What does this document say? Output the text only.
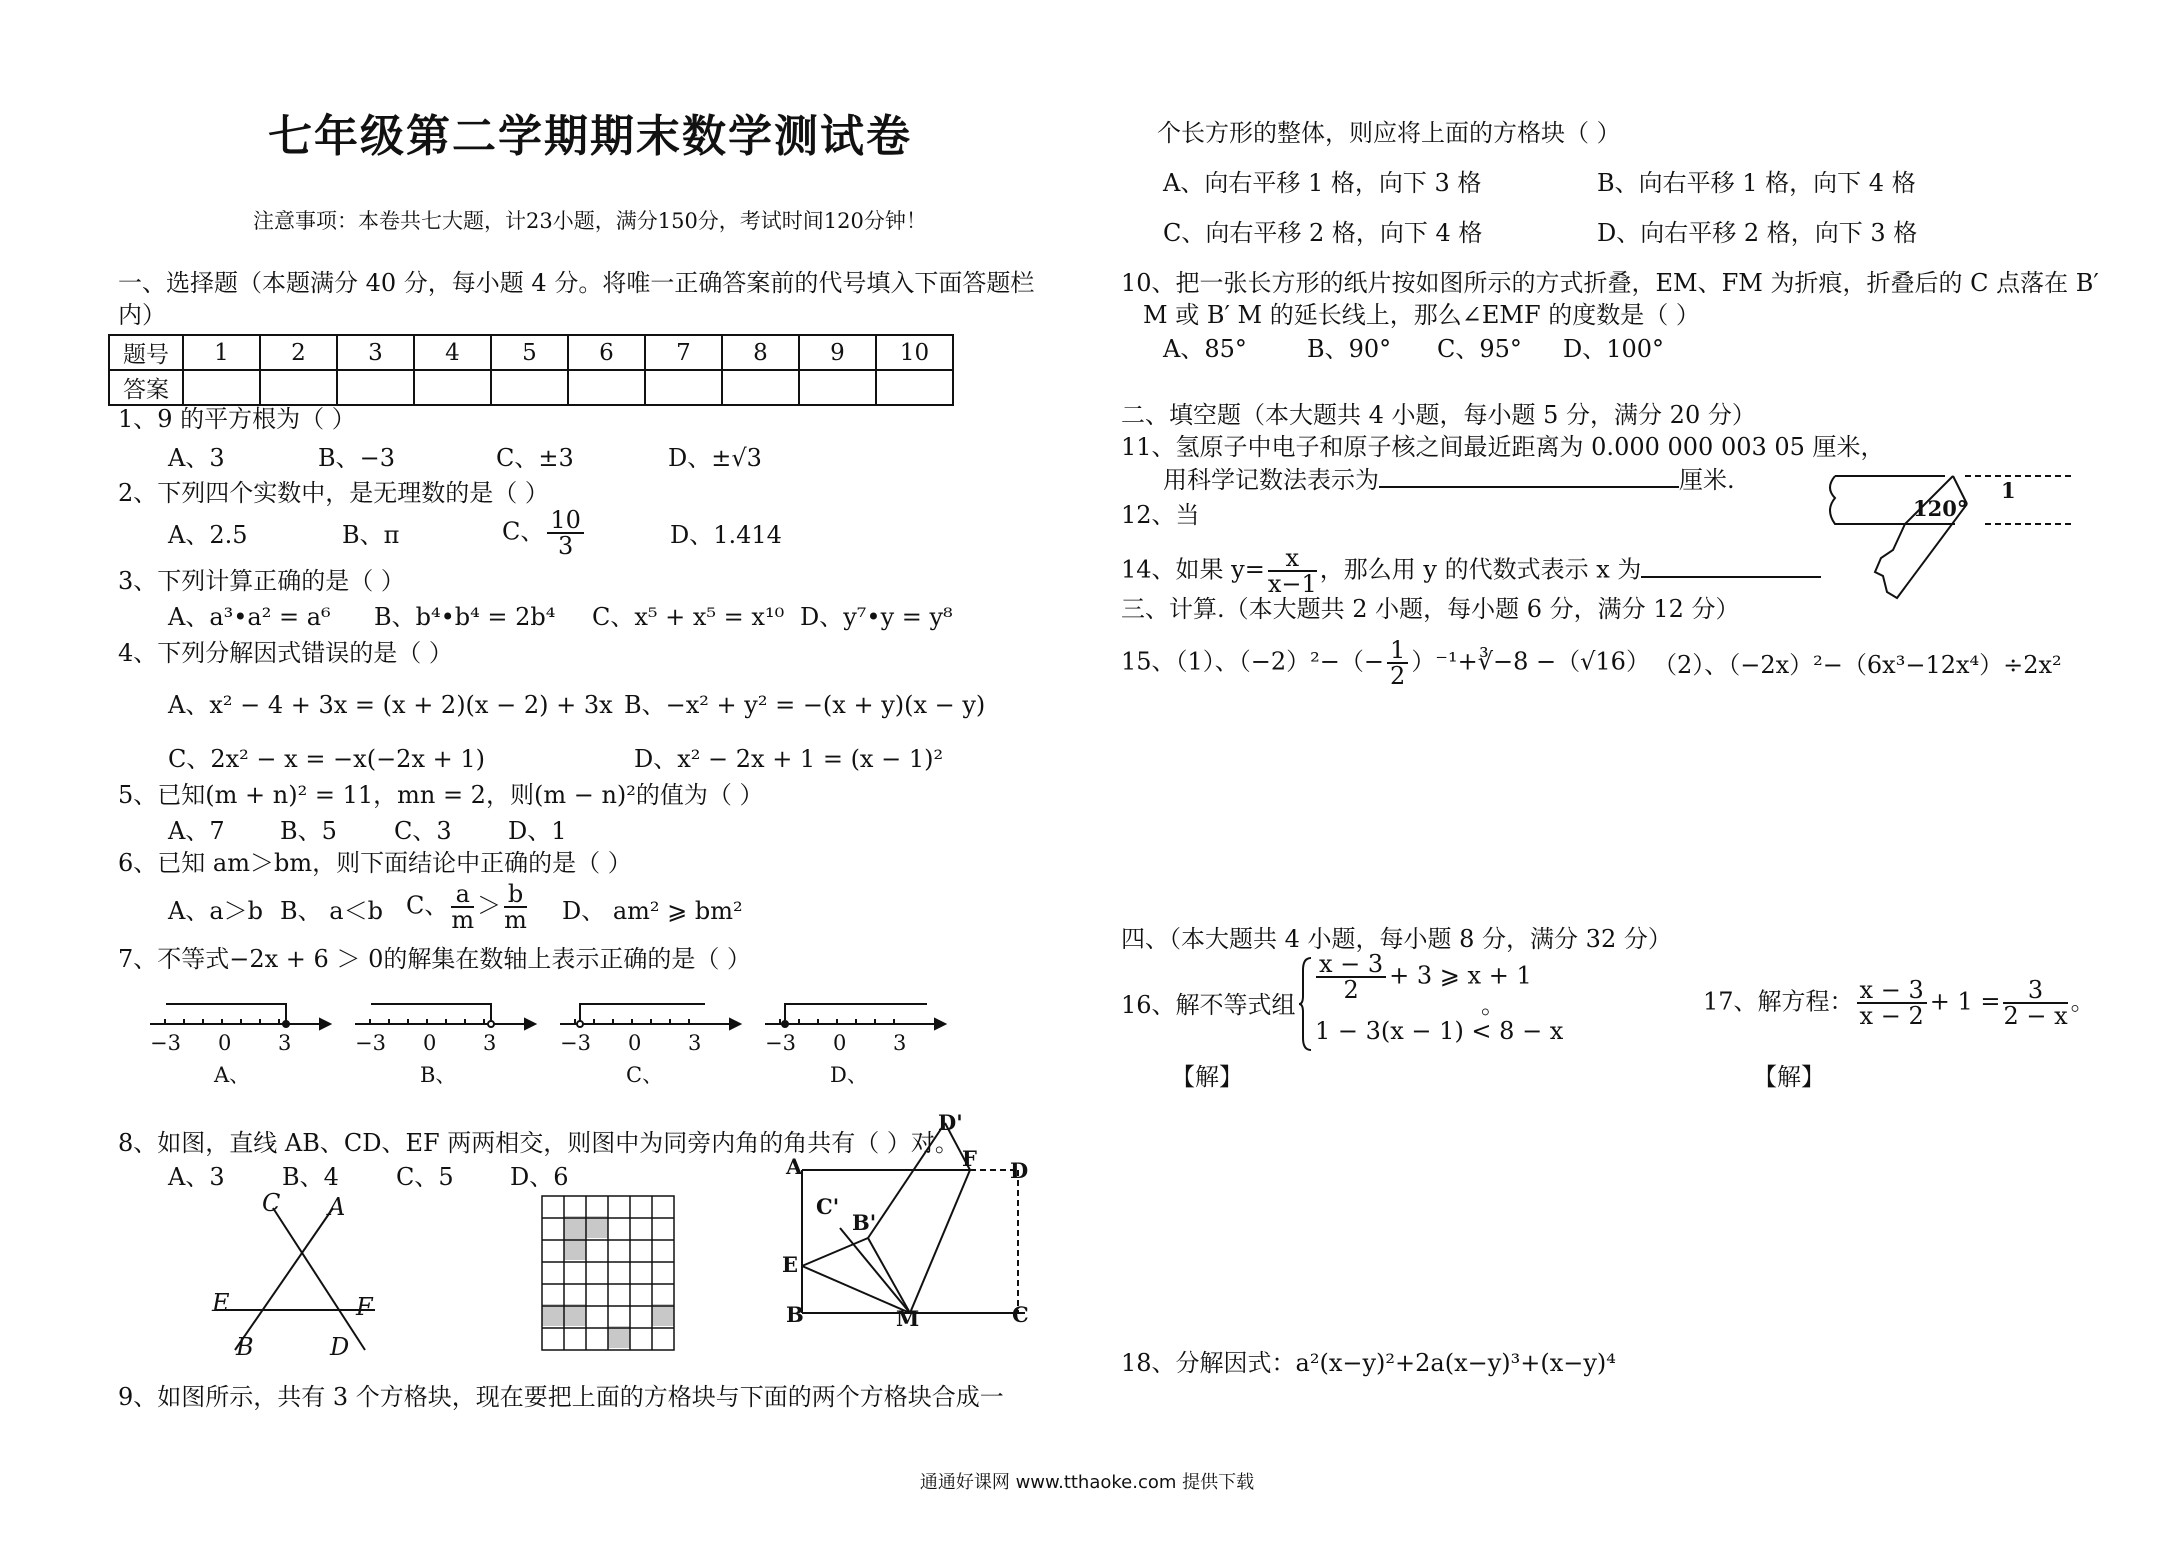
七年级第二学期期末数学测试卷
注意事项：本卷共七大题，计23小题，满分150分，考试时间120分钟！
一、选择题（本题满分 40 分，每小题 4 分。将唯一正确答案前的代号填入下面答题栏
内）
题号	1	2	3	4	5	6	7	8	9	10
答案										
1、9 的平方根为（ ）
A、3	B、−3	C、±3	D、±√3
2、下列四个实数中，是无理数的是（ ）
A、2.5	B、π	C、 $\frac{10}{3}$	D、1.414
3、下列计算正确的是（ ）
A、a³•a² = a⁶ B、b⁴•b⁴ = 2b⁴ C、x⁵ + x⁵ = x¹⁰ D、y⁷•y = y⁸
4、下列分解因式错误的是（ ）
A、x² − 4 + 3x = (x + 2)(x − 2) + 3x B、−x² + y² = −(x + y)(x − y)
C、2x² − x = −x(−2x + 1)	D、x² − 2x + 1 = (x − 1)²
5、已知(m + n)² = 11，mn = 2，则(m − n)²的值为（ ）
A、7 B、5 C、3 D、1
6、已知 am＞bm，则下面结论中正确的是（ ）
A、a＞b B、 a＜b C、 $\frac{a}{m} > \frac{b}{m}$ D、 am² ⩾ bm²
7、不等式−2x + 6 ＞ 0的解集在数轴上表示正确的是（ ）
−3 0 3	−3 0 3	−3 0 3	−3 0 3
A、	B、	C、	D、
8、如图，直线 AB、CD、EF 两两相交，则图中为同旁内角的角共有（ ）对。
A、3 B、4 C、5 D、6
C A
E	F
B	D
A	D
D'
F
C'
B'
E
B	M	C
9、如图所示，共有 3 个方格块，现在要把上面的方格块与下面的两个方格块合成一
个长方形的整体，则应将上面的方格块（ ）
A、向右平移 1 格，向下 3 格	B、向右平移 1 格，向下 4 格
C、向右平移 2 格，向下 4 格	D、向右平移 2 格，向下 3 格
10、把一张长方形的纸片按如图所示的方式折叠，EM、FM 为折痕，折叠后的 C 点落在 B′
M 或 B′ M 的延长线上，那么∠EMF 的度数是（ ）
A、85°	B、90° C、95° D、100°
二、填空题（本大题共 4 小题，每小题 5 分，满分 20 分）
11、氢原子中电子和原子核之间最近距离为 0.000 000 003 05 厘米，
用科学记数法表示为	厘米.
12、当	120°
1
14、如果 $y= \frac{x}{x-1}$ ，那么用 y 的代数式表示 x 为
三、计算.（本大题共 2 小题，每小题 6 分，满分 12 分）
15、（1）、$(-2)^2-(- \frac{1}{2}$ ）⁻¹+∛−8 −（√16） （2）、（−2x）²−（6x³−12x⁴）÷2x²
四、（本大题共 4 小题，每小题 8 分，满分 32 分）
16、解不等式组
$\frac{x - 3}{2} + 3$ ⩾ x + 1
1 − 3(x − 1) < 8 − x
。
【解】
17、解方程： $\frac{x - 3}{x - 2} + 1 = \frac{3}{2 - x}$ 。
【解】
18、分解因式：a²(x−y)²+2a(x−y)³+(x−y)⁴
通通好课网 www.tthaoke.com 提供下载
